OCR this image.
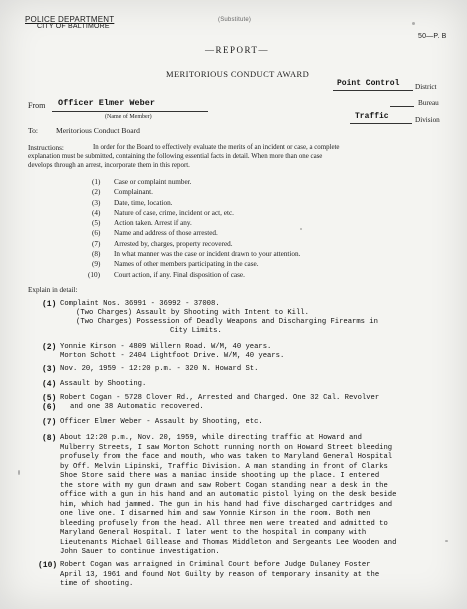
POLICE DEPARTMENT
CITY OF BALTIMORE
(Substitute)
50—P. B
—REPORT—
MERITORIOUS CONDUCT AWARD
Point Control District
Bureau
Traffic	Division
From Officer Elmer Weber
(Name of Member)
To: Meritorious Conduct Board
Instructions:	In order for the Board to effectively evaluate the merits of an incident or case, a complete
explanation must be submitted, containing the following essential facts in detail. When more than one case
develops through an arrest, incorporate them in this report.
(1) Case or complaint number.
(2) Complainant.
(3) Date, time, location.
(4) Nature of case, crime, incident or act, etc.
(5) Action taken. Arrest if any.
(6) Name and address of those arrested.
(7) Arrested by, charges, property recovered.
(8) In what manner was the case or incident drawn to your attention.
(9) Names of other members participating in the case.
(10) Court action, if any. Final disposition of case.
Explain in detail:
(1) Complaint Nos. 36991 - 36992 - 37008.
(Two Charges) Assault by Shooting with Intent to Kill.
(Two Charges) Possession of Deadly Weapons and Discharging Firearms in
City Limits.
(2) Yonnie Kirson - 4809 Willern Road. W/M, 40 years.
Morton Schott - 2404 Lightfoot Drive. W/M, 40 years.
(3) Nov. 20, 1959 - 12:20 p.m. - 320 N. Howard St.
(4) Assault by Shooting.
(5)
(6)
Robert Cogan - 5728 Clover Rd., Arrested and Charged. One 32 Cal. Revolver
and one 38 Automatic recovered.
(7) Officer Elmer Weber - Assault by Shooting, etc.
(8) About 12:20 p.m., Nov. 20, 1959, while directing traffic at Howard and
Mulberry Streets, I saw Morton Schott running north on Howard Street bleeding
profusely from the face and mouth, who was taken to Maryland General Hospital
by Off. Melvin Lipinski, Traffic Division. A man standing in front of Clarks
Shoe Store said there was a maniac inside shooting up the place. I entered
the store with my gun drawn and saw Robert Cogan standing near a desk in the
office with a gun in his hand and an automatic pistol lying on the desk beside
him, which had jammed. The gun in his hand had five discharged cartridges and
one live one. I disarmed him and saw Yonnie Kirson in the room. Both men
bleeding profusely from the head. All three men were treated and admitted to
Maryland General Hospital. I later went to the hospital in company with
Lieutenants Michael Gillease and Thomas Middleton and Sergeants Lee Wooden and
John Sauer to continue investigation.
(10) Robert Cogan was arraigned in Criminal Court before Judge Dulaney Foster
April 13, 1961 and found Not Guilty by reason of temporary insanity at the
time of shooting.
